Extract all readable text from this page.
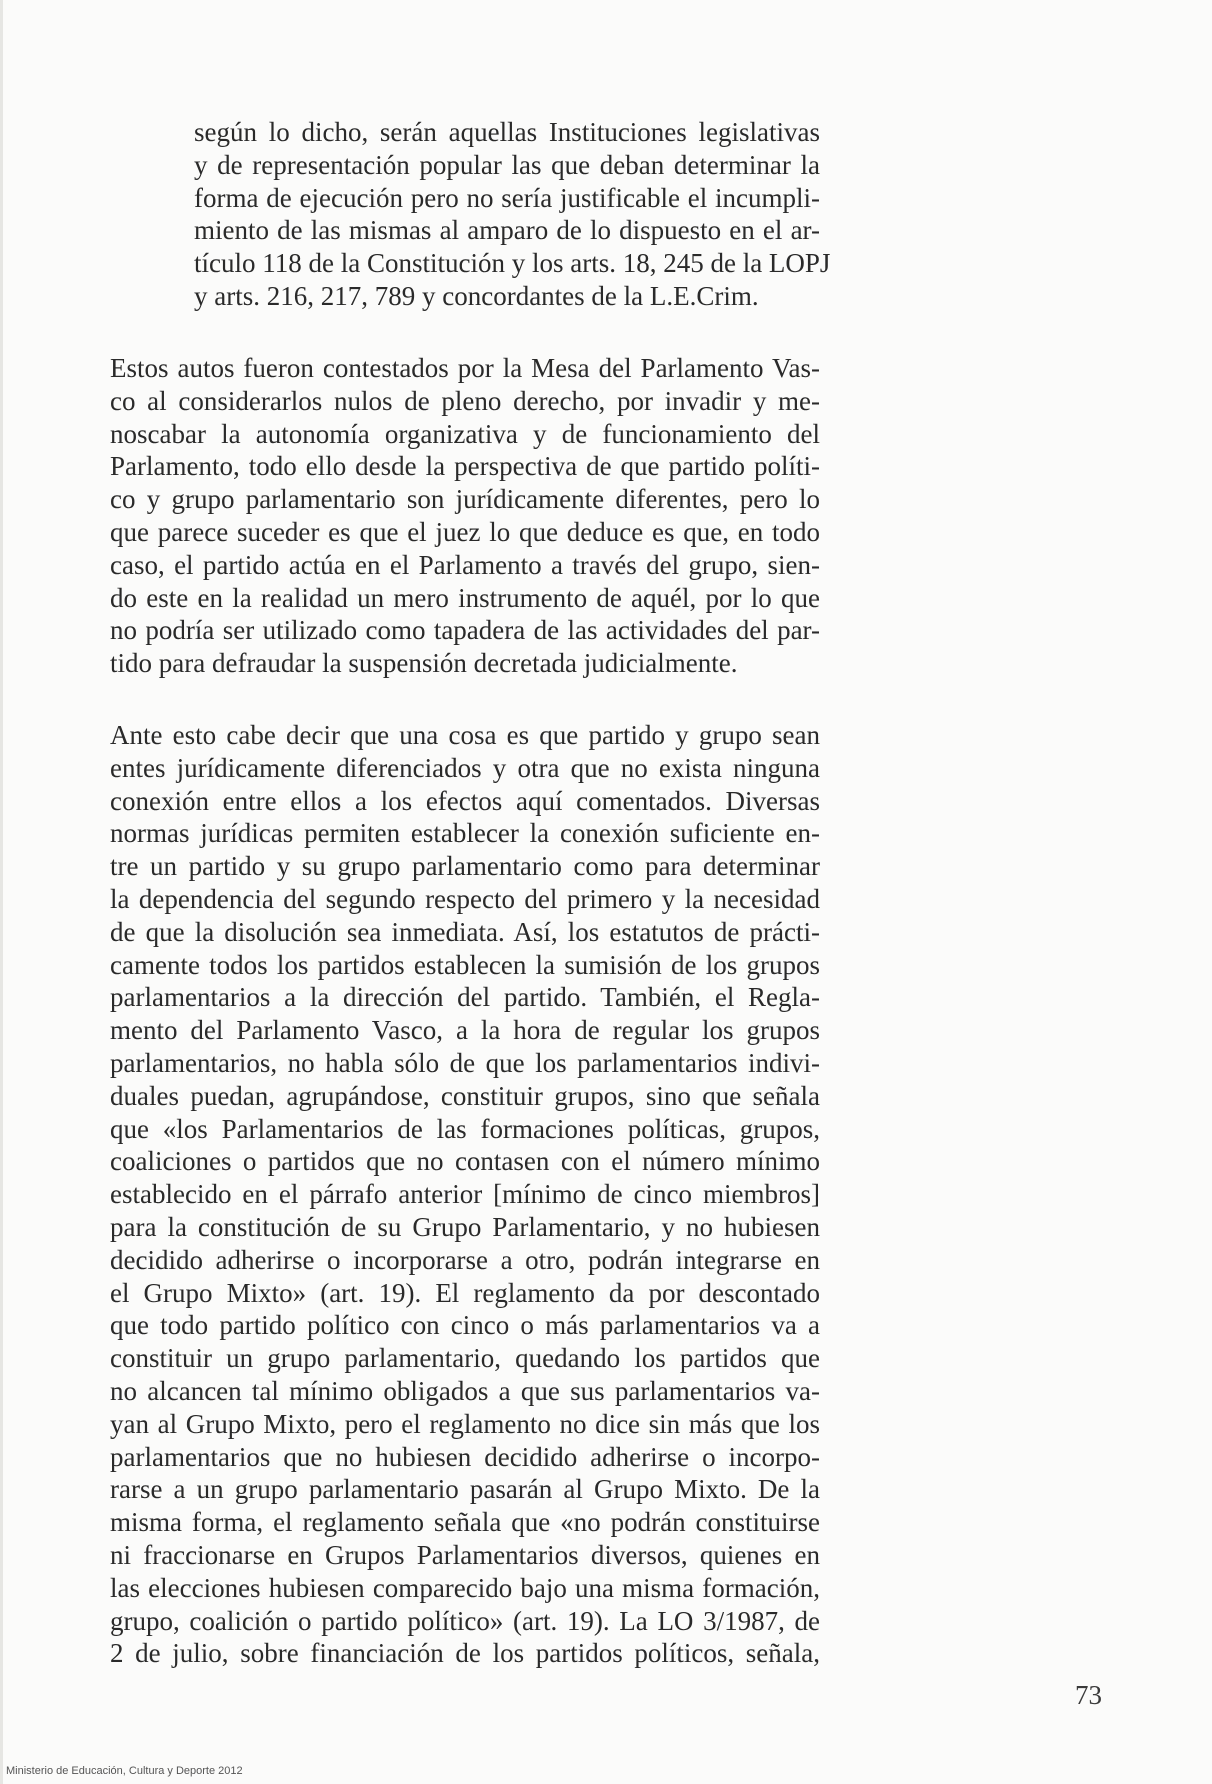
según lo dicho, serán aquellas Instituciones legislativas
y de representación popular las que deban determinar la
forma de ejecución pero no sería justificable el incumpli-
miento de las mismas al amparo de lo dispuesto en el ar-
tículo 118 de la Constitución y los arts. 18, 245 de la LOPJ
y arts. 216, 217, 789 y concordantes de la L.E.Crim.
Estos autos fueron contestados por la Mesa del Parlamento Vas-
co al considerarlos nulos de pleno derecho, por invadir y me-
noscabar la autonomía organizativa y de funcionamiento del
Parlamento, todo ello desde la perspectiva de que partido políti-
co y grupo parlamentario son jurídicamente diferentes, pero lo
que parece suceder es que el juez lo que deduce es que, en todo
caso, el partido actúa en el Parlamento a través del grupo, sien-
do este en la realidad un mero instrumento de aquél, por lo que
no podría ser utilizado como tapadera de las actividades del par-
tido para defraudar la suspensión decretada judicialmente.
Ante esto cabe decir que una cosa es que partido y grupo sean
entes jurídicamente diferenciados y otra que no exista ninguna
conexión entre ellos a los efectos aquí comentados. Diversas
normas jurídicas permiten establecer la conexión suficiente en-
tre un partido y su grupo parlamentario como para determinar
la dependencia del segundo respecto del primero y la necesidad
de que la disolución sea inmediata. Así, los estatutos de prácti-
camente todos los partidos establecen la sumisión de los grupos
parlamentarios a la dirección del partido. También, el Regla-
mento del Parlamento Vasco, a la hora de regular los grupos
parlamentarios, no habla sólo de que los parlamentarios indivi-
duales puedan, agrupándose, constituir grupos, sino que señala
que «los Parlamentarios de las formaciones políticas, grupos,
coaliciones o partidos que no contasen con el número mínimo
establecido en el párrafo anterior [mínimo de cinco miembros]
para la constitución de su Grupo Parlamentario, y no hubiesen
decidido adherirse o incorporarse a otro, podrán integrarse en
el Grupo Mixto» (art. 19). El reglamento da por descontado
que todo partido político con cinco o más parlamentarios va a
constituir un grupo parlamentario, quedando los partidos que
no alcancen tal mínimo obligados a que sus parlamentarios va-
yan al Grupo Mixto, pero el reglamento no dice sin más que los
parlamentarios que no hubiesen decidido adherirse o incorpo-
rarse a un grupo parlamentario pasarán al Grupo Mixto. De la
misma forma, el reglamento señala que «no podrán constituirse
ni fraccionarse en Grupos Parlamentarios diversos, quienes en
las elecciones hubiesen comparecido bajo una misma formación,
grupo, coalición o partido político» (art. 19). La LO 3/1987, de
2 de julio, sobre financiación de los partidos políticos, señala,
73
Ministerio de Educación, Cultura y Deporte 2012
